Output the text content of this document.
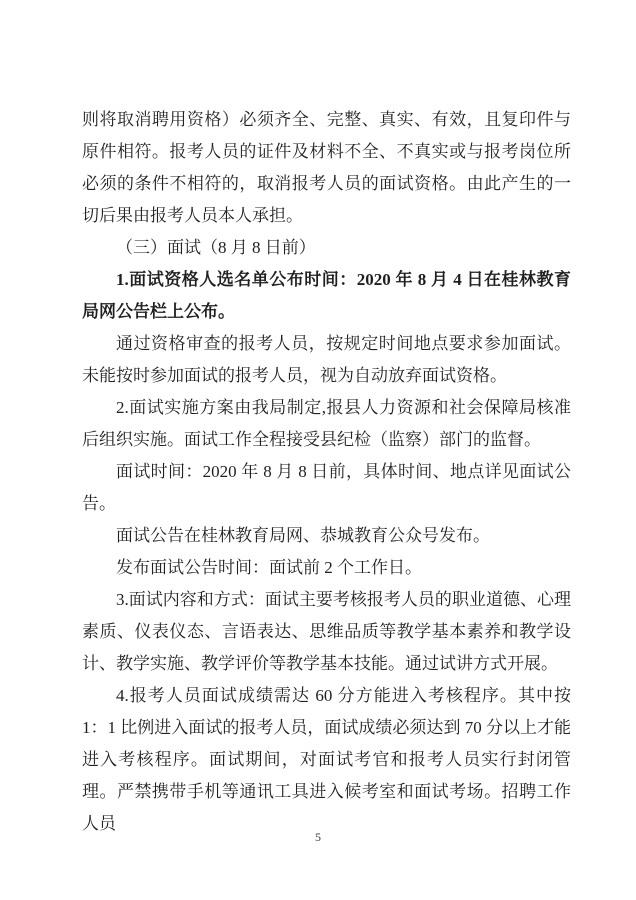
则将取消聘用资格）必须齐全、完整、真实、有效，且复印件与原件相符。报考人员的证件及材料不全、不真实或与报考岗位所必须的条件不相符的，取消报考人员的面试资格。由此产生的一切后果由报考人员本人承担。

（三）面试（8 月 8 日前）

1.面试资格人选名单公布时间：2020 年 8 月 4 日在桂林教育局网公告栏上公布。

通过资格审查的报考人员，按规定时间地点要求参加面试。未能按时参加面试的报考人员，视为自动放弃面试资格。

2.面试实施方案由我局制定,报县人力资源和社会保障局核准后组织实施。面试工作全程接受县纪检（监察）部门的监督。

面试时间：2020 年 8 月 8 日前，具体时间、地点详见面试公告。

面试公告在桂林教育局网、恭城教育公众号发布。

发布面试公告时间：面试前 2 个工作日。

3.面试内容和方式：面试主要考核报考人员的职业道德、心理素质、仪表仪态、言语表达、思维品质等教学基本素养和教学设计、教学实施、教学评价等教学基本技能。通过试讲方式开展。

4.报考人员面试成绩需达 60 分方能进入考核程序。其中按 1：1 比例进入面试的报考人员，面试成绩必须达到 70 分以上才能进入考核程序。面试期间，对面试考官和报考人员实行封闭管理。严禁携带手机等通讯工具进入候考室和面试考场。招聘工作人员

5
